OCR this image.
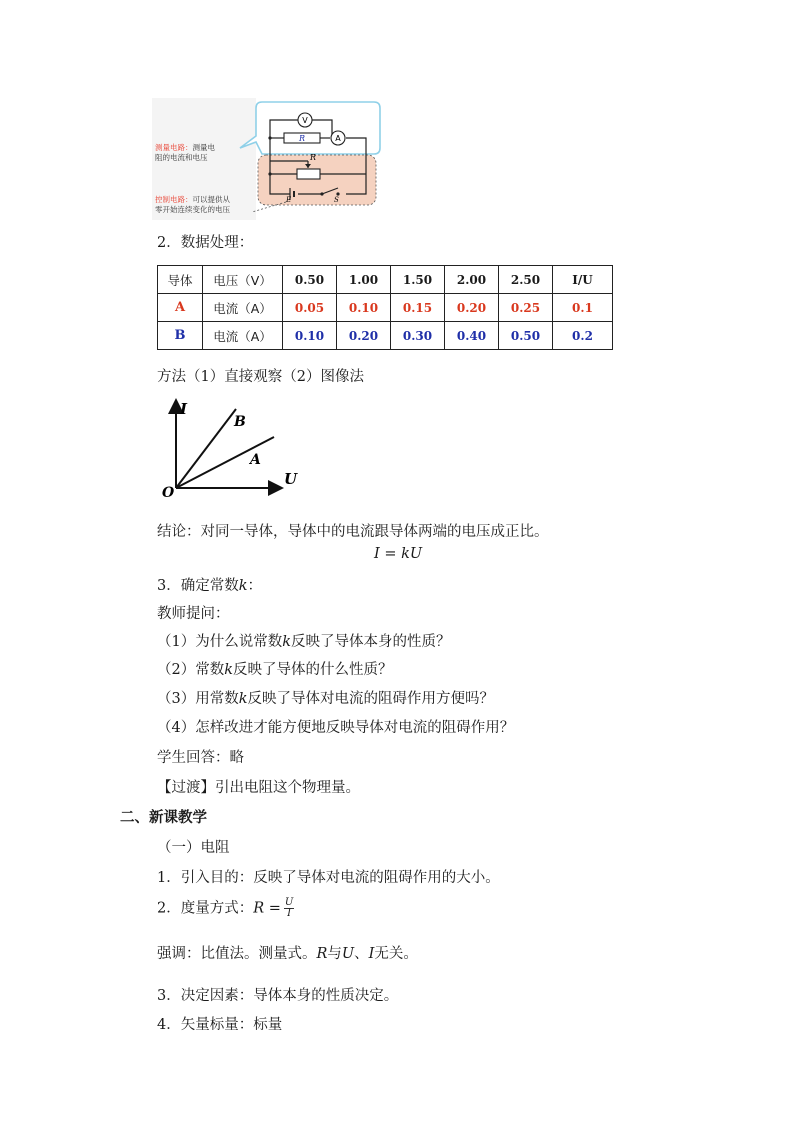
V
R	A
R
E	S
测量电路：测量电
阻的电流和电压
控制电路：可以提供从
零开始连续变化的电压
2．数据处理：
导体	电压（V）	0.50	1.00	1.50	2.00	2.50	I/U
A	电流（A）	0.05	0.10	0.15	0.20	0.25	0.1
B	电流（A）	0.10	0.20	0.30	0.40	0.50	0.2
方法（1）直接观察（2）图像法
I
U
O
B
A
结论：对同一导体，导体中的电流跟导体两端的电压成正比。
I = kU
3．确定常数k：
教师提问：
（1）为什么说常数k反映了导体本身的性质？
（2）常数k反映了导体的什么性质？
（3）用常数k反映了导体对电流的阻碍作用方便吗？
（4）怎样改进才能方便地反映导体对电流的阻碍作用？
学生回答：略
【过渡】引出电阻这个物理量。
二、新课教学
（一）电阻
1．引入目的：反映了导体对电流的阻碍作用的大小。
2．度量方式：$R = \frac{U}{I}$
强调：比值法。测量式。R与U、I无关。
3．决定因素：导体本身的性质决定。
4．矢量标量：标量
